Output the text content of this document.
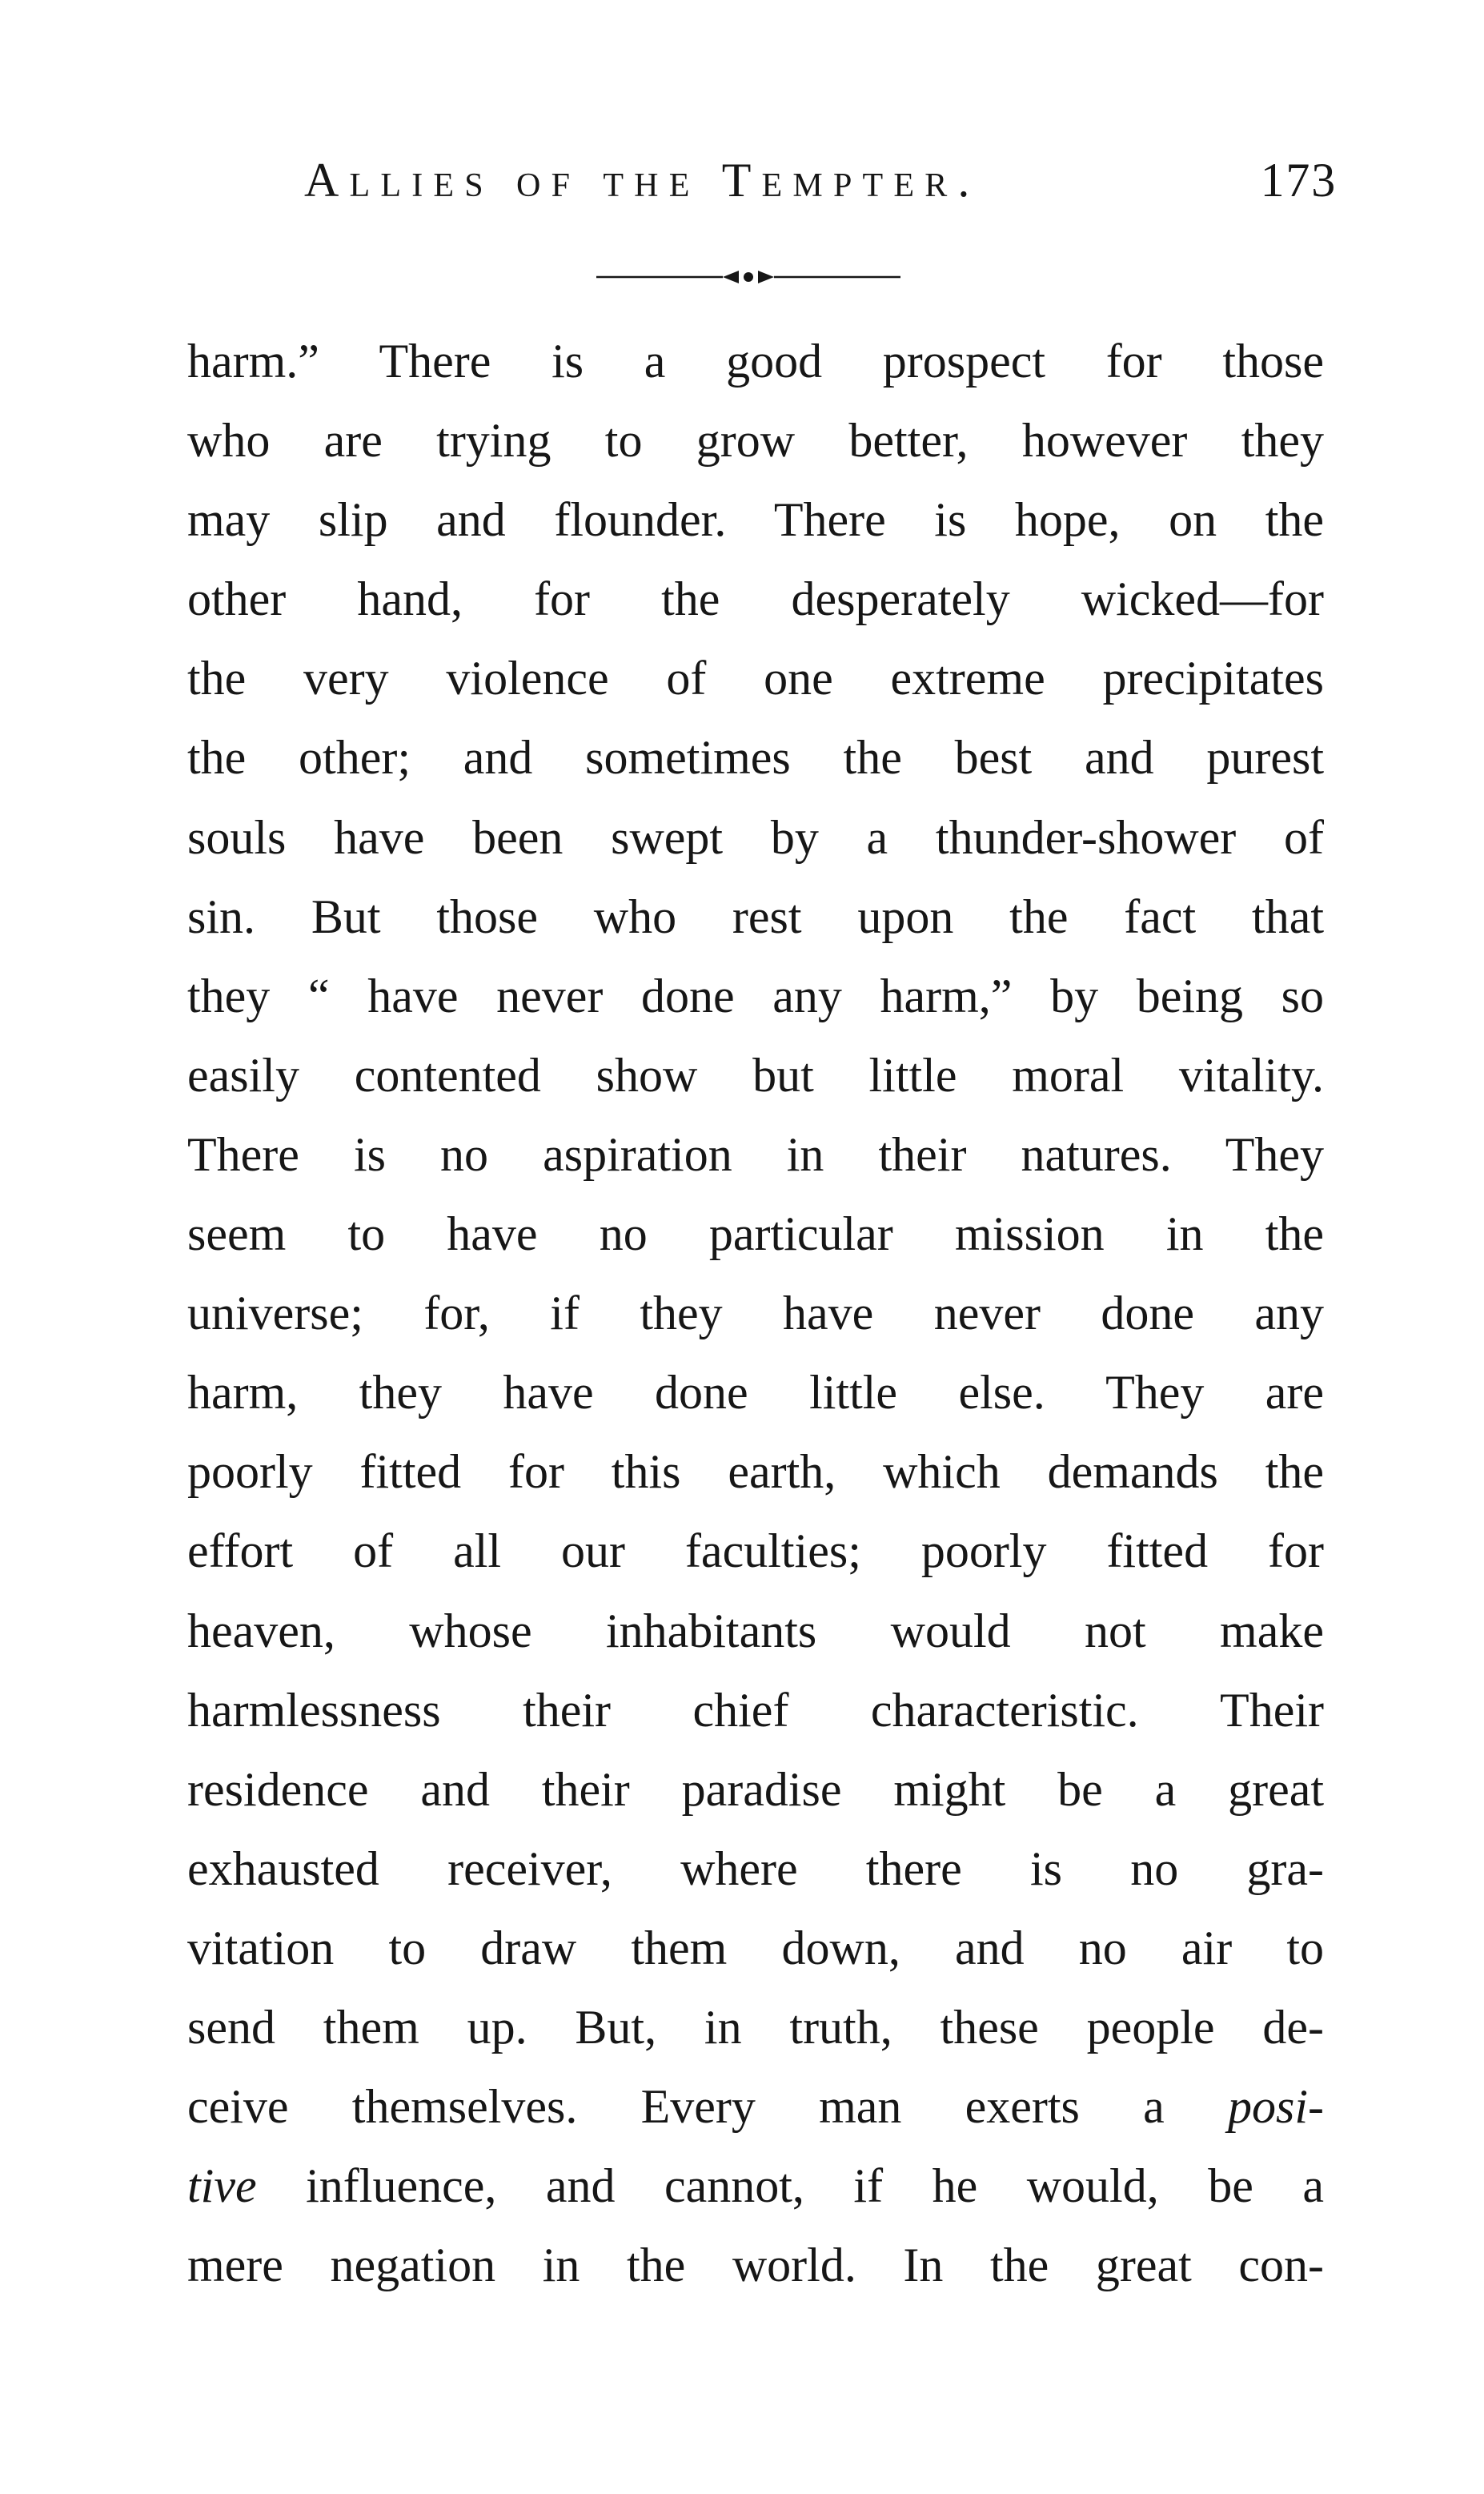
Allies of the Tempter.	173
harm.” There is a good prospect for those
who are trying to grow better, however they
may slip and flounder. There is hope, on the
other hand, for the desperately wicked—for
the very violence of one extreme precipitates
the other; and sometimes the best and purest
souls have been swept by a thunder-shower of
sin. But those who rest upon the fact that
they “ have never done any harm,” by being so
easily contented show but little moral vitality.
There is no aspiration in their natures. They
seem to have no particular mission in the
universe; for, if they have never done any
harm, they have done little else. They are
poorly fitted for this earth, which demands the
effort of all our faculties; poorly fitted for
heaven, whose inhabitants would not make
harmlessness their chief characteristic. Their
residence and their paradise might be a great
exhausted receiver, where there is no gra-
vitation to draw them down, and no air to
send them up. But, in truth, these people de-
ceive themselves. Every man exerts a posi-
tive influence, and cannot, if he would, be a
mere negation in the world. In the great con-
